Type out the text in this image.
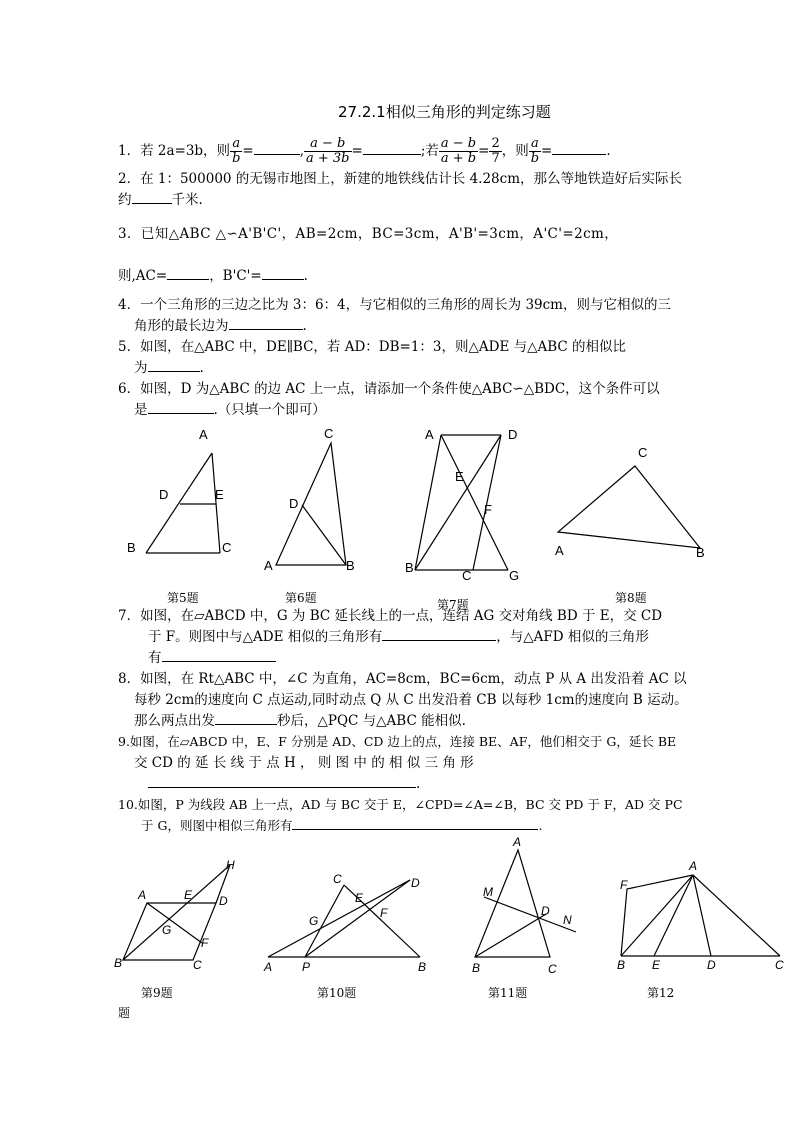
27.2.1相似三角形的判定练习题
1．若 2a=3b，则 $\frac{a}{b}$ =	, $\frac{a - b}{a + 3b}$ =	;若 $\frac{a - b}{a + b} = \frac{2}{7}$ ，则 $\frac{a}{b}$ =	.
2．在 1：500000 的无锡市地图上，新建的地铁线估计长 4.28cm，那么等地铁造好后实际长
约	千米.
3．已知△ABC △∽A'B'C'，AB=2cm，BC=3cm，A'B'=3cm，A'C'=2cm，
则,AC=	，B'C'=	.
4．一个三角形的三边之比为 3：6：4，与它相似的三角形的周长为 39cm，则与它相似的三
角形的最长边为	.
5．如图，在△ABC 中，DE∥BC，若 AD：DB=1：3，则△ADE 与△ABC 的相似比
为	.
6．如图，D 为△ABC 的边 AC 上一点，请添加一个条件使△ABC∽△BDC，这个条件可以
是	.（只填一个即可）
A
D	E
B	C
C
D
A	B
A	D
E
F
B
C	G
C
A	B
第5题	第6题	第7题	第8题
7．如图，在▱ABCD 中，G 为 BC 延长线上的一点，连结 AG 交对角线 BD 于 E，交 CD
于 F。则图中与△ADE 相似的三角形有	，与△AFD 相似的三角形
有
8．如图，在 Rt△ABC 中，∠C 为直角，AC=8cm，BC=6cm，动点 P 从 A 出发沿着 AC 以
每秒 2cm的速度向 C 点运动,同时动点 Q 从 C 出发沿着 CB 以每秒 1cm的速度向 B 运动。
那么两点出发	秒后，△PQC 与△ABC 能相似.
9.如图，在▱ABCD 中，E、F 分别是 AD、CD 边上的点，连接 BE、AF，他们相交于 G，延长 BE
交 CD 的 延 长 线 于 点 H ， 则 图 中 的 相 似 三 角 形
.
10.如图，P 为线段 AB 上一点，AD 与 BC 交于 E，∠CPD=∠A=∠B，BC 交 PD 于 F，AD 交 PC
于 G，则图中相似三角形有	.
H
A	E D
G
F
B	C
C	D
E
G
F
A P	B
A
M
D
N
B	C
A
F
B E	D	C
第9题	第10题	第11题	第12
题
